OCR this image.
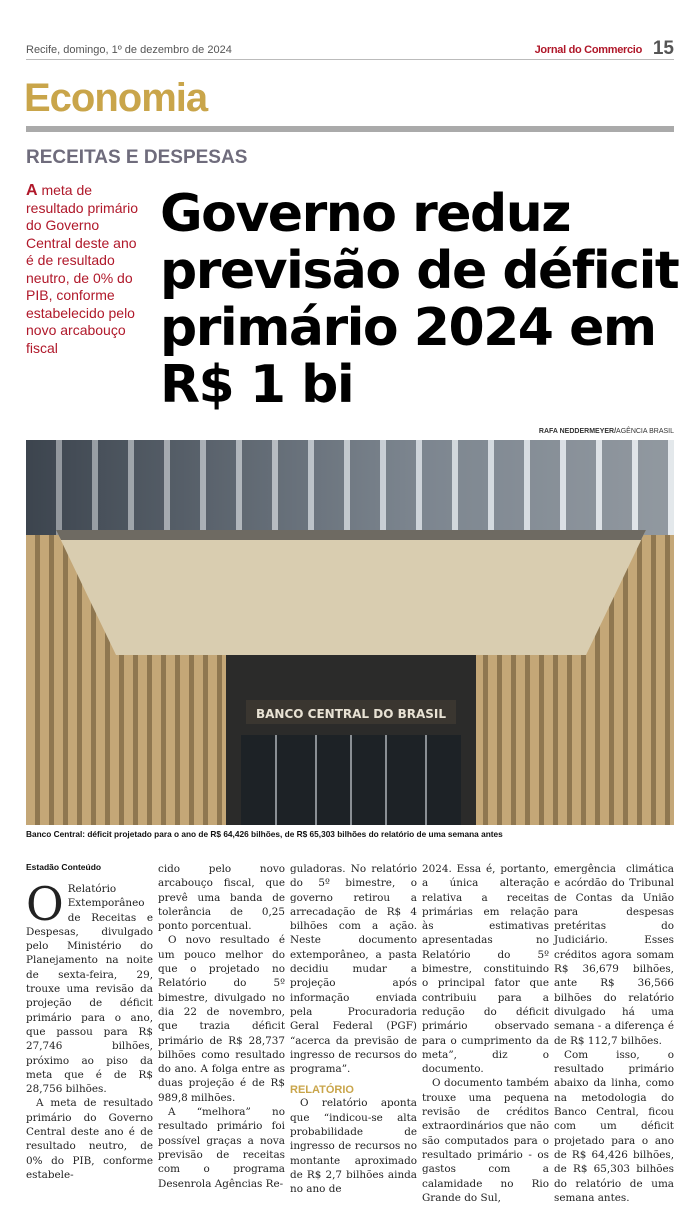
Recife, domingo, 1º de dezembro de 2024	Jornal do Commercio 15
Economia
RECEITAS E DESPESAS
A meta de resultado primário do Governo Central deste ano é de resultado neutro, de 0% do PIB, conforme estabelecido pelo novo arcabouço fiscal
Governo reduz previsão de déficit primário 2024 em R$ 1 bi
RAFA NEDDERMEYER/AGÊNCIA BRASIL
BANCO CENTRAL DO BRASIL
Banco Central: déficit projetado para o ano de R$ 64,426 bilhões, de R$ 65,303 bilhões do relatório de uma semana antes
Estadão Conteúdo

O Relatório Extemporâneo de Receitas e Despesas, divulgado pelo Ministério do Planejamento na noite de sexta-feira, 29, trouxe uma revisão da projeção de déficit primário para o ano, que passou para R$ 27,746 bilhões, próximo ao piso da meta que é de R$ 28,756 bilhões.

A meta de resultado primário do Governo Central deste ano é de resultado neutro, de 0% do PIB, conforme estabele-

cido pelo novo arcabouço fiscal, que prevê uma banda de tolerância de 0,25 ponto porcentual.

O novo resultado é um pouco melhor do que o projetado no Relatório do 5º bimestre, divulgado no dia 22 de novembro, que trazia déficit primário de R$ 28,737 bilhões como resultado do ano. A folga entre as duas projeção é de R$ 989,8 milhões.

A “melhora” no resultado primário foi possível graças a nova previsão de receitas com o programa Desenrola Agências Re-

guladoras. No relatório do 5º bimestre, o governo retirou a arrecadação de R$ 4 bilhões com a ação. Neste documento extemporâneo, a pasta decidiu mudar a projeção após informação enviada pela Procuradoria Geral Federal (PGF) “acerca da previsão de ingresso de recursos do programa”.

RELATÓRIO

O relatório aponta que “indicou-se alta probabilidade de ingresso de recursos no montante aproximado de R$ 2,7 bilhões ainda no ano de

2024. Essa é, portanto, a única alteração relativa a receitas primárias em relação às estimativas apresentadas no Relatório do 5º bimestre, constituindo o principal fator que contribuiu para a redução do déficit primário observado para o cumprimento da meta”, diz o documento.

O documento também trouxe uma pequena revisão de créditos extraordinários que não são computados para o resultado primário - os gastos com a calamidade no Rio Grande do Sul,

emergência climática e acórdão do Tribunal de Contas da União para despesas pretéritas do Judiciário. Esses créditos agora somam R$ 36,679 bilhões, ante R$ 36,566 bilhões do relatório divulgado há uma semana - a diferença é de R$ 112,7 bilhões.

Com isso, o resultado primário abaixo da linha, como na metodologia do Banco Central, ficou com um déficit projetado para o ano de R$ 64,426 bilhões, de R$ 65,303 bilhões do relatório de uma semana antes.
